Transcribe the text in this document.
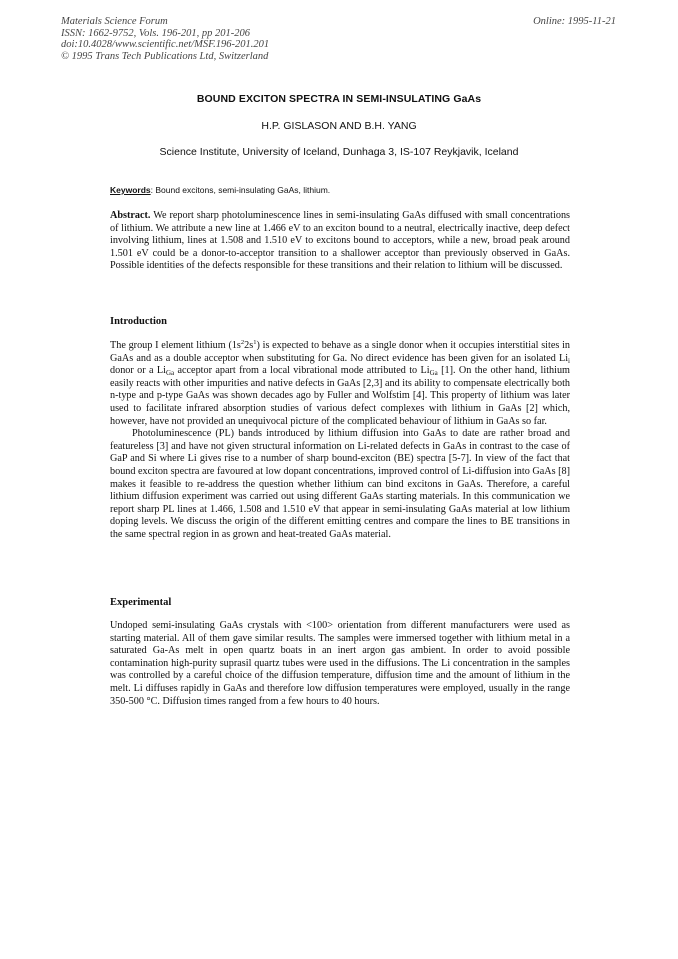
Materials Science Forum
ISSN: 1662-9752, Vols. 196-201, pp 201-206
doi:10.4028/www.scientific.net/MSF.196-201.201
© 1995 Trans Tech Publications Ltd, Switzerland
Online: 1995-11-21
BOUND EXCITON SPECTRA IN SEMI-INSULATING GaAs
H.P. GISLASON AND B.H. YANG
Science Institute, University of Iceland, Dunhaga 3, IS-107 Reykjavik, Iceland
Keywords: Bound excitons, semi-insulating GaAs, lithium.

Abstract. We report sharp photoluminescence lines in semi-insulating GaAs diffused with small concentrations of lithium. We attribute a new line at 1.466 eV to an exciton bound to a neutral, electrically inactive, deep defect involving lithium, lines at 1.508 and 1.510 eV to excitons bound to acceptors, while a new, broad peak around 1.501 eV could be a donor-to-acceptor transition to a shallower acceptor than previously observed in GaAs. Possible identities of the defects responsible for these transitions and their relation to lithium will be discussed.

Introduction

The group I element lithium $(1s^22s^1)$ is expected to behave as a single donor when it occupies interstitial sites in GaAs and as a double acceptor when substituting for Ga. No direct evidence has been given for an isolated $Li_i$ donor or a $Li_{Ga}$ acceptor apart from a local vibrational mode attributed to $Li_{Ga}$ [1]. On the other hand, lithium easily reacts with other impurities and native defects in GaAs [2,3] and its ability to compensate electrically both n-type and p-type GaAs was shown decades ago by Fuller and Wolfstim [4]. This property of lithium was later used to facilitate infrared absorption studies of various defect complexes with lithium in GaAs [2] which, however, have not provided an unequivocal picture of the complicated behaviour of lithium in GaAs so far.

Photoluminescence (PL) bands introduced by lithium diffusion into GaAs to date are rather broad and featureless [3] and have not given structural information on Li-related defects in GaAs in contrast to the case of GaP and Si where Li gives rise to a number of sharp bound-exciton (BE) spectra [5-7]. In view of the fact that bound exciton spectra are favoured at low dopant concentrations, improved control of Li-diffusion into GaAs [8] makes it feasible to re-address the question whether lithium can bind excitons in GaAs. Therefore, a careful lithium diffusion experiment was carried out using different GaAs starting materials. In this communication we report sharp PL lines at 1.466, 1.508 and 1.510 eV that appear in semi-insulating GaAs material at low lithium doping levels. We discuss the origin of the different emitting centres and compare the lines to BE transitions in the same spectral region in as grown and heat-treated GaAs material.

Experimental

Undoped semi-insulating GaAs crystals with <100> orientation from different manufacturers were used as starting material. All of them gave similar results. The samples were immersed together with lithium metal in a saturated Ga-As melt in open quartz boats in an inert argon gas ambient. In order to avoid possible contamination high-purity suprasil quartz tubes were used in the diffusions. The Li concentration in the samples was controlled by a careful choice of the diffusion temperature, diffusion time and the amount of lithium in the melt. Li diffuses rapidly in GaAs and therefore low diffusion temperatures were employed, usually in the range 350-500 °C. Diffusion times ranged from a few hours to 40 hours.
